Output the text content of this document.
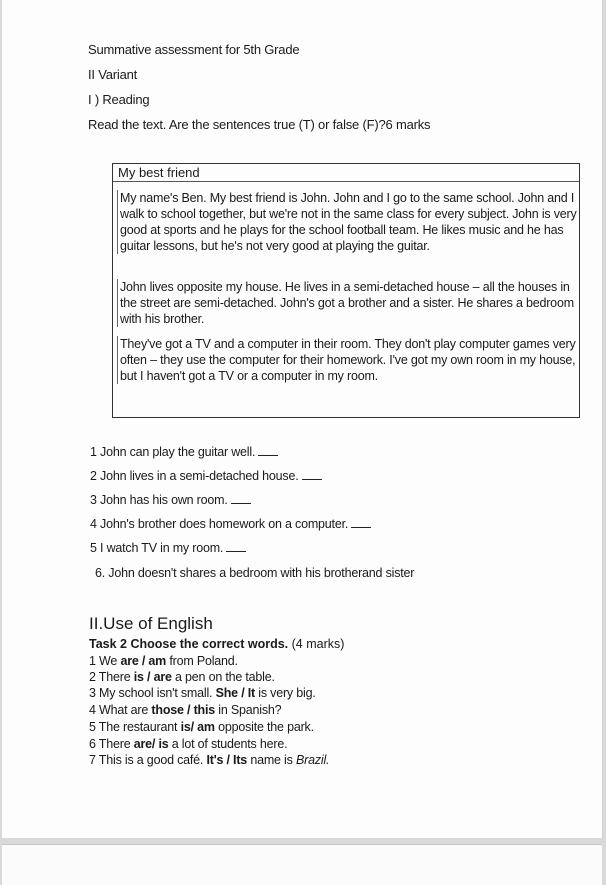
Summative assessment for 5th Grade
II Variant
I ) Reading
Read the text. Are the sentences true (T) or false (F)?6 marks
My best friend
My name's Ben. My best friend is John. John and I go to the same school. John and I walk to school together, but we're not in the same class for every subject. John is very good at sports and he plays for the school football team. He likes music and he has guitar lessons, but he's not very good at playing the guitar.
John lives opposite my house. He lives in a semi-detached house – all the houses in the street are semi-detached. John's got a brother and a sister. He shares a bedroom with his brother.
They've got a TV and a computer in their room. They don't play computer games very often – they use the computer for their homework. I've got my own room in my house, but I haven't got a TV or a computer in my room.
1 John can play the guitar well.
2 John lives in a semi-detached house.
3 John has his own room.
4 John's brother does homework on a computer.
5 I watch TV in my room.
6. John doesn't shares a bedroom with his brotherand sister
II.Use of English
Task 2 Choose the correct words. (4 marks)
1 We are / am from Poland.
2 There is / are a pen on the table.
3 My school isn't small. She / It is very big.
4 What are those / this in Spanish?
5 The restaurant is/ am opposite the park.
6 There are/ is a lot of students here.
7 This is a good café. It's / Its name is Brazil.
